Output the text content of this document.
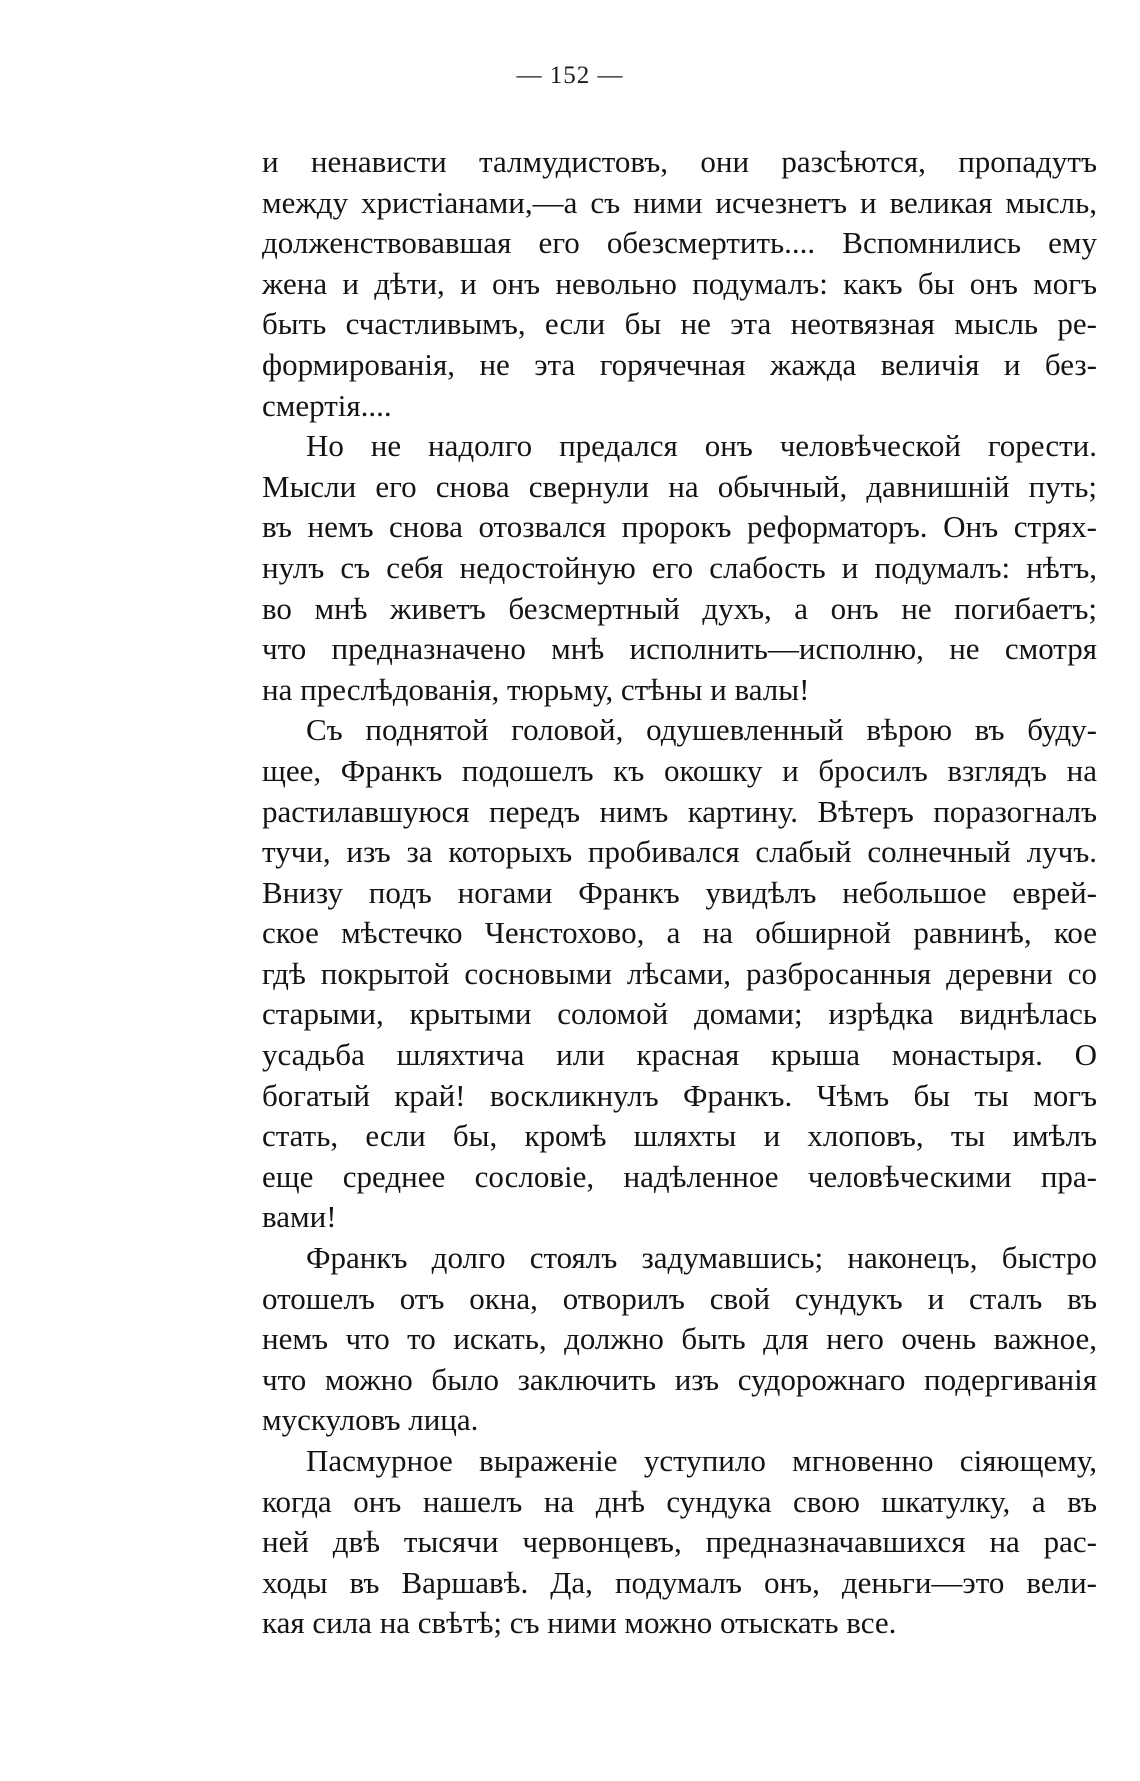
— 152 —

и ненависти талмудистовъ, они разсѣются, пропадутъ
между христіанами,—а съ ними исчезнетъ и великая мысль,
долженствовавшая его обезсмертить.... Вспомнились ему
жена и дѣти, и онъ невольно подумалъ: какъ бы онъ могъ
быть счастливымъ, если бы не эта неотвязная мысль ре-
формированія, не эта горячечная жажда величія и без-
смертія....

Но не надолго предался онъ человѣческой горести.
Мысли его снова свернули на обычный, давнишній путь;
въ немъ снова отозвался пророкъ реформаторъ. Онъ стрях-
нулъ съ себя недостойную его слабость и подумалъ: нѣтъ,
во мнѣ живетъ безсмертный духъ, а онъ не погибаетъ;
что предназначено мнѣ исполнить—исполню, не смотря
на преслѣдованія, тюрьму, стѣны и валы!

Съ поднятой головой, одушевленный вѣрою въ буду-
щее, Франкъ подошелъ къ окошку и бросилъ взглядъ на
растилавшуюся передъ нимъ картину. Вѣтеръ поразогналъ
тучи, изъ за которыхъ пробивался слабый солнечный лучъ.
Внизу подъ ногами Франкъ увидѣлъ небольшое еврей-
ское мѣстечко Ченстохово, а на обширной равнинѣ, кое
гдѣ покрытой сосновыми лѣсами, разбросанныя деревни со
старыми, крытыми соломой домами; изрѣдка виднѣлась
усадьба шляхтича или красная крыша монастыря. О
богатый край! воскликнулъ Франкъ. Чѣмъ бы ты могъ
стать, если бы, кромѣ шляхты и хлоповъ, ты имѣлъ
еще среднее сословіе, надѣленное человѣческими пра-
вами!

Франкъ долго стоялъ задумавшись; наконецъ, быстро
отошелъ отъ окна, отворилъ свой сундукъ и сталъ въ
немъ что то искать, должно быть для него очень важное,
что можно было заключить изъ судорожнаго подергиванія
мускуловъ лица.

Пасмурное выраженіе уступило мгновенно сіяющему,
когда онъ нашелъ на днѣ сундука свою шкатулку, а въ
ней двѣ тысячи червонцевъ, предназначавшихся на рас-
ходы въ Варшавѣ. Да, подумалъ онъ, деньги—это вели-
кая сила на свѣтѣ; съ ними можно отыскать все.
